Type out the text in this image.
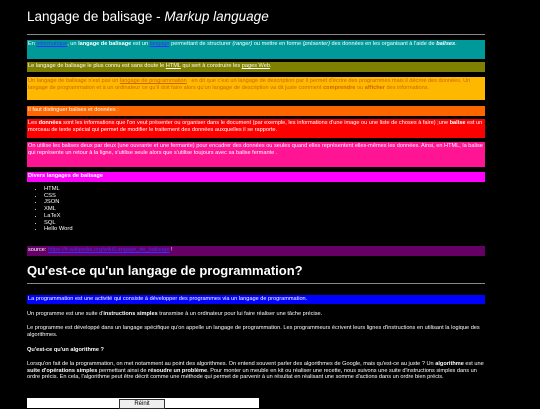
Langage de balisage - Markup language
En informatique, un langage de balisage est un langage permettant de structurer (ranger) ou mettre en forme (présenter) des données en les organisant à l'aide de balises.
Le langage de balisage le plus connu est sans doute le HTML qui sert à construire les pages Web.
Un langage de balisage n'est pas un langage de programmation : en dit que c'est un langage de description par il permet d'écrire des programmes mais il décrire des données. Un langage de programmation et à un ordinateur ce qu'il doit faire alors qu'un langage de description va dit juste comment comprendre ou afficher des informations.
Il faut distinguer balises et données :
Les données sont les informations que l'on veut présenter ou organiser dans le document (par exemple, les informations d'une image ou une liste de choses à faire) ;une balise est un morceau de texte spécial qui permet de modifier le traitement des données auxquelles il se rapporte.
On utilise les balises deux par deux (une ouvrante et une fermante) pour encadrer des données ou seules quand elles représentent elles-mêmes les données. Ainsi, en HTML, la balise
qui représente un retour à la ligne, s'utilise seule alors que s'utilise toujours avec sa balise fermante .
Divers langages de balisage
• HTML
• CSS
• JSON
• XML
• LaTeX
• SQL
• Hello Word
source: https://fr.wikipedia.org/wiki/Langage_de_balisage !
Qu'est-ce qu'un langage de programmation?
La programmation est une activité qui consiste à développer des programmes via un langage de programmation.
Un programme est une suite d'instructions simples transmise à un ordinateur pour lui faire réaliser une tâche précise.
Le programme est développé dans un langage spécifique qu'on appelle un langage de programmation. Les programmeurs écrivent leurs lignes d'instructions en utilisant la logique des algorithmes.
Qu'est-ce qu'un algorithme ?
Lorsqu'on fait de la programmation, on met notamment au point des algorithmes. On entend souvent parler des algorithmes de Google, mais qu'est-ce au juste ? Un algorithme est une suite d'opérations simples permettant ainsi de résoudre un problème. Pour monter un meuble en kit ou réaliser une recette, nous suivons une suite d'instructions simples dans un ordre précis. En cela, l'algorithme peut être décrit comme une méthode qui permet de parvenir à un résultat en réalisant une somme d'actions dans un ordre bien précis.
Réinit
